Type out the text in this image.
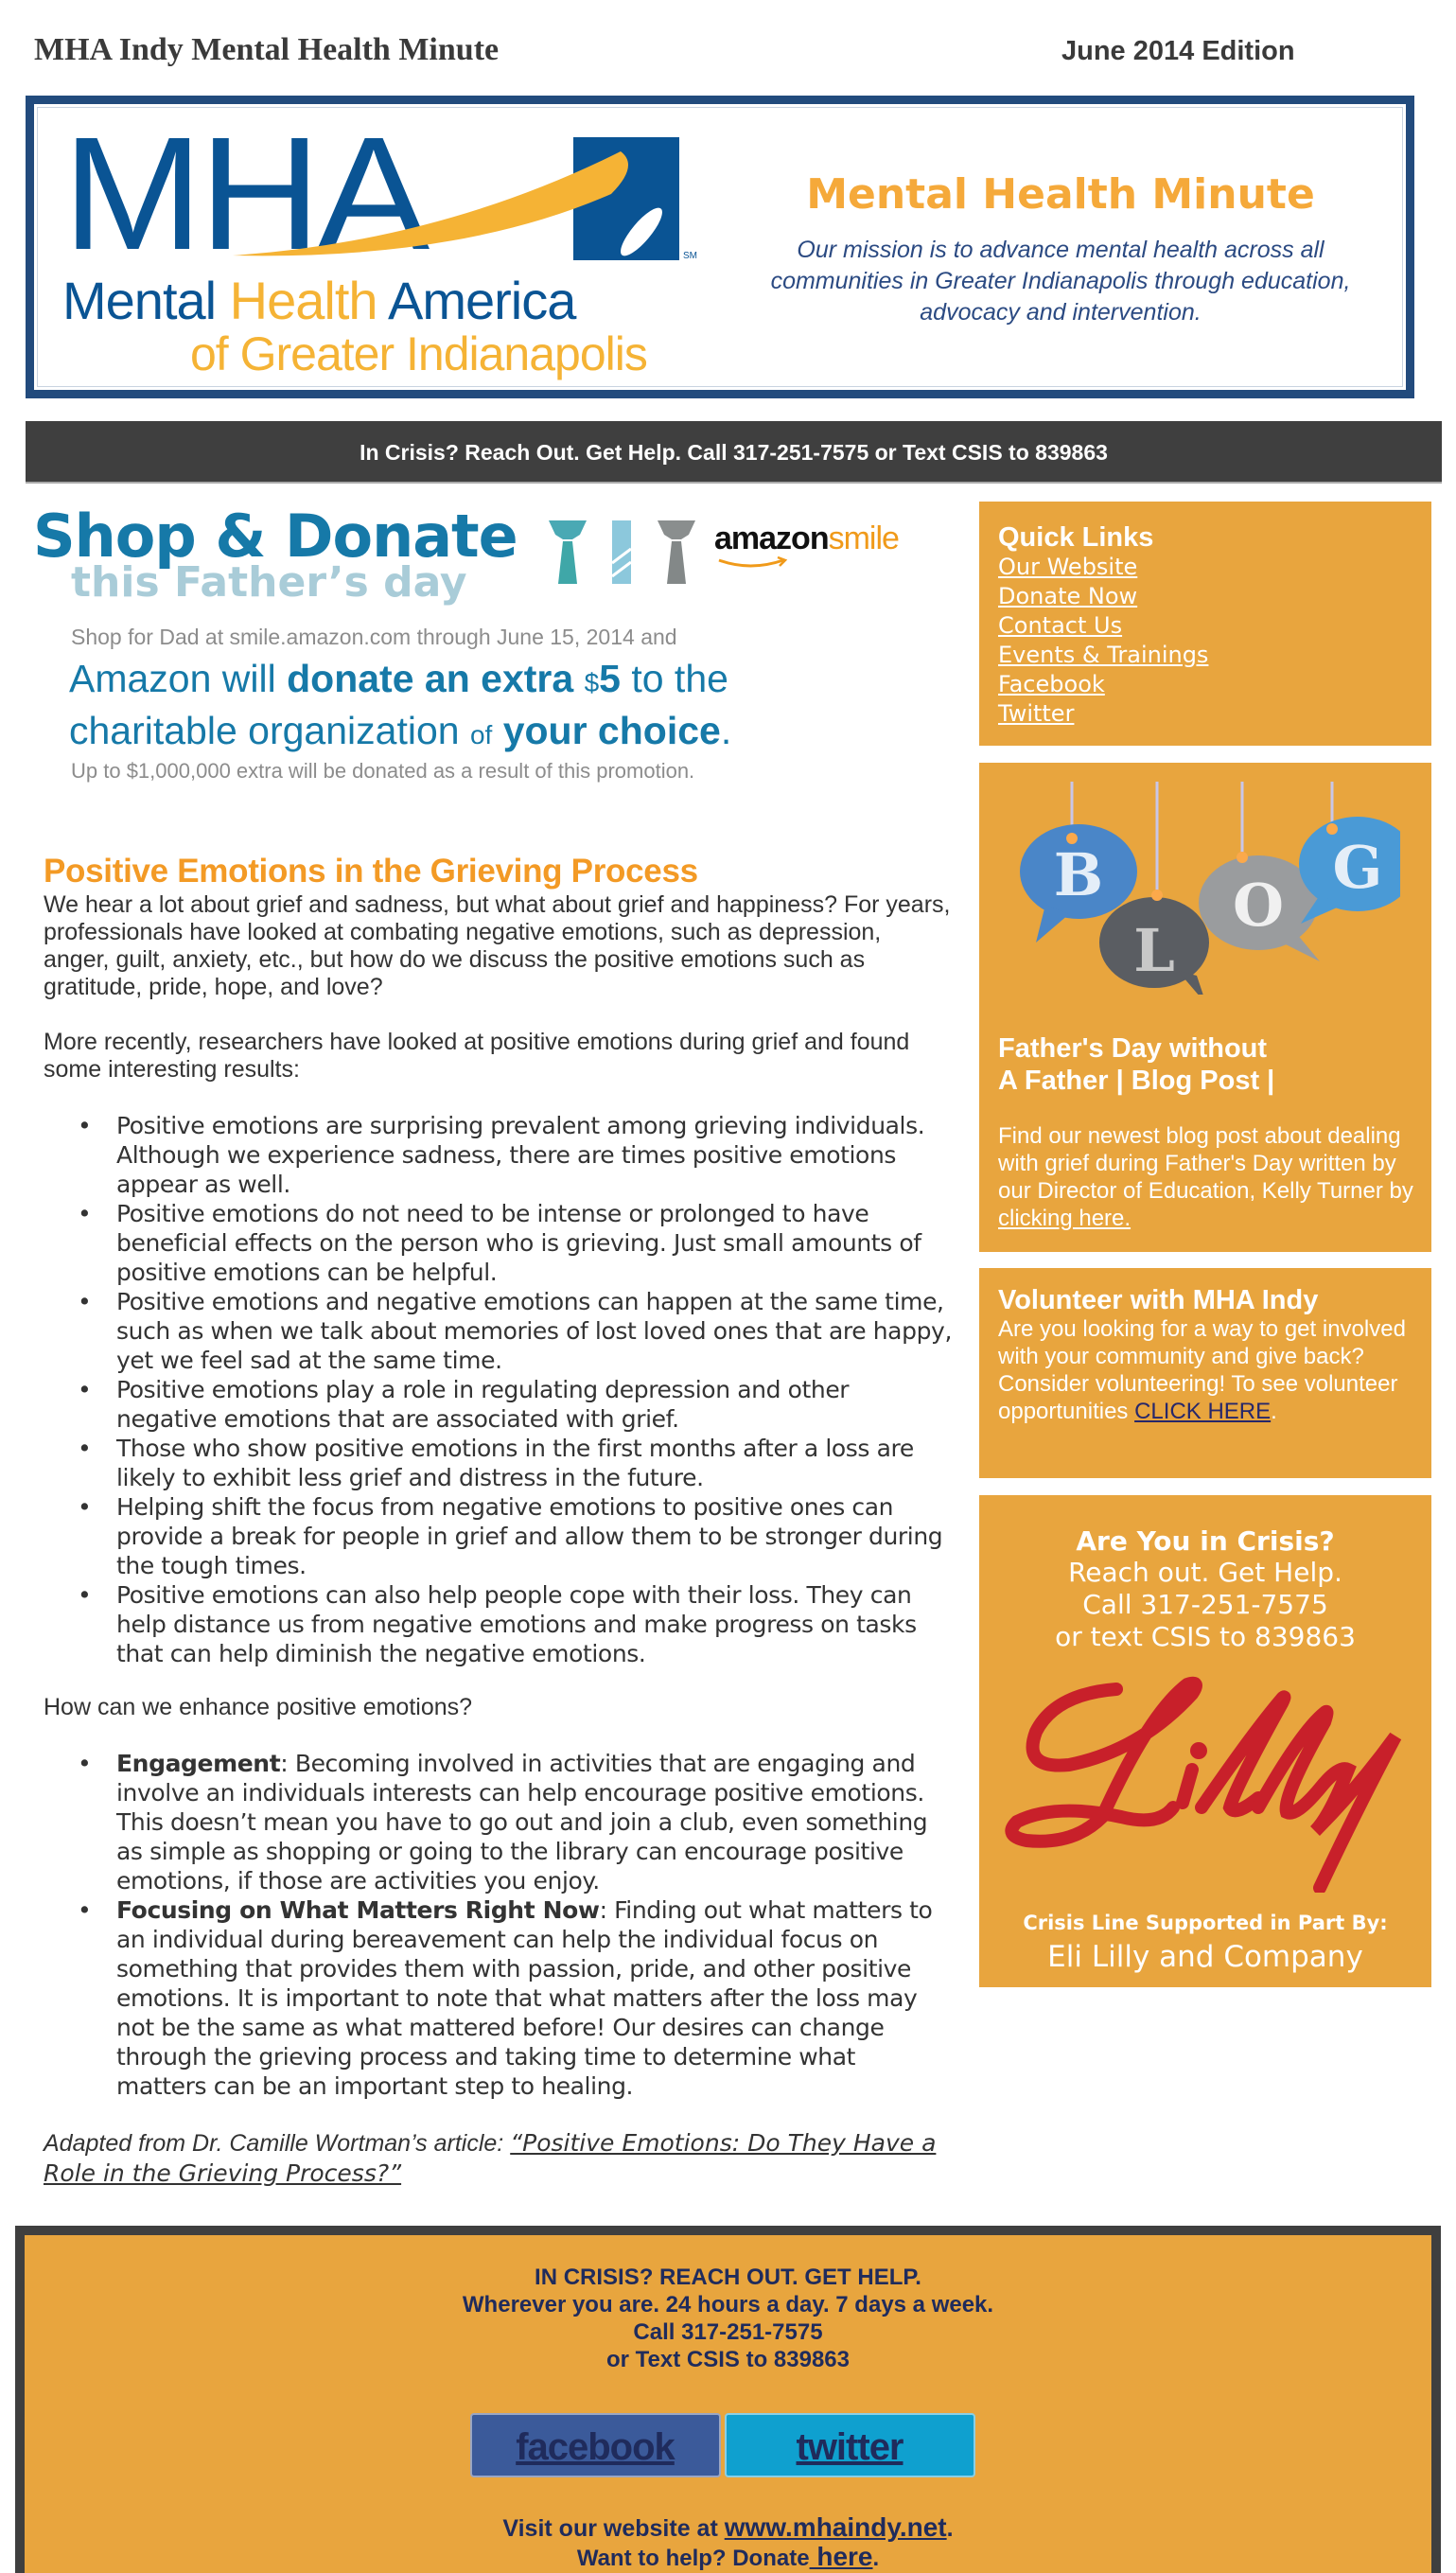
MHA Indy Mental Health Minute	June 2014 Edition
MHA	SM
Mental Health America
of Greater Indianapolis
Mental Health Minute
Our mission is to advance mental health across all communities in Greater Indianapolis through education, advocacy and intervention.
In Crisis? Reach Out. Get Help. Call 317-251-7575 or Text CSIS to 839863
Shop & Donate
this Father’s day
amazonsmile
Shop for Dad at smile.amazon.com through June 15, 2014 and
Amazon will donate an extra $5 to the
charitable organization of your choice.
Up to $1,000,000 extra will be donated as a result of this promotion.
Positive Emotions in the Grieving Process

We hear a lot about grief and sadness, but what about grief and happiness? For years, professionals have looked at combating negative emotions, such as depression, anger, guilt, anxiety, etc., but how do we discuss the positive emotions such as gratitude, pride, hope, and love?

More recently, researchers have looked at positive emotions during grief and found some interesting results:

• Positive emotions are surprising prevalent among grieving individuals. Although we experience sadness, there are times positive emotions appear as well.
• Positive emotions do not need to be intense or prolonged to have beneficial effects on the person who is grieving. Just small amounts of positive emotions can be helpful.
• Positive emotions and negative emotions can happen at the same time, such as when we talk about memories of lost loved ones that are happy, yet we feel sad at the same time.
• Positive emotions play a role in regulating depression and other negative emotions that are associated with grief.
• Those who show positive emotions in the first months after a loss are likely to exhibit less grief and distress in the future.
• Helping shift the focus from negative emotions to positive ones can provide a break for people in grief and allow them to be stronger during the tough times.
• Positive emotions can also help people cope with their loss. They can help distance us from negative emotions and make progress on tasks that can help diminish the negative emotions.

How can we enhance positive emotions?

• Engagement: Becoming involved in activities that are engaging and involve an individuals interests can help encourage positive emotions. This doesn’t mean you have to go out and join a club, even something as simple as shopping or going to the library can encourage positive emotions, if those are activities you enjoy.
• Focusing on What Matters Right Now: Finding out what matters to an individual during bereavement can help the individual focus on something that provides them with passion, pride, and other positive emotions. It is important to note that what matters after the loss may not be the same as what mattered before! Our desires can change through the grieving process and taking time to determine what matters can be an important step to healing.

Adapted from Dr. Camille Wortman’s article: “Positive Emotions: Do They Have a Role in the Grieving Process?”

Quick Links
Our Website
Donate Now
Contact Us
Events & Trainings
Facebook
Twitter
B
L
O
G
Father's Day without
A Father | Blog Post |

Find our newest blog post about dealing with grief during Father's Day written by our Director of Education, Kelly Turner by clicking here.

Volunteer with MHA Indy

Are you looking for a way to get involved with your community and give back? Consider volunteering! To see volunteer opportunities CLICK HERE.

Are You in Crisis?
Reach out. Get Help.
Call 317-251-7575
or text CSIS to 839863
Crisis Line Supported in Part By:
Eli Lilly and Company
IN CRISIS? REACH OUT. GET HELP.
Wherever you are. 24 hours a day. 7 days a week.
Call 317-251-7575
or Text CSIS to 839863
facebook	twitter
Visit our website at www.mhaindy.net.
Want to help? Donate here.
